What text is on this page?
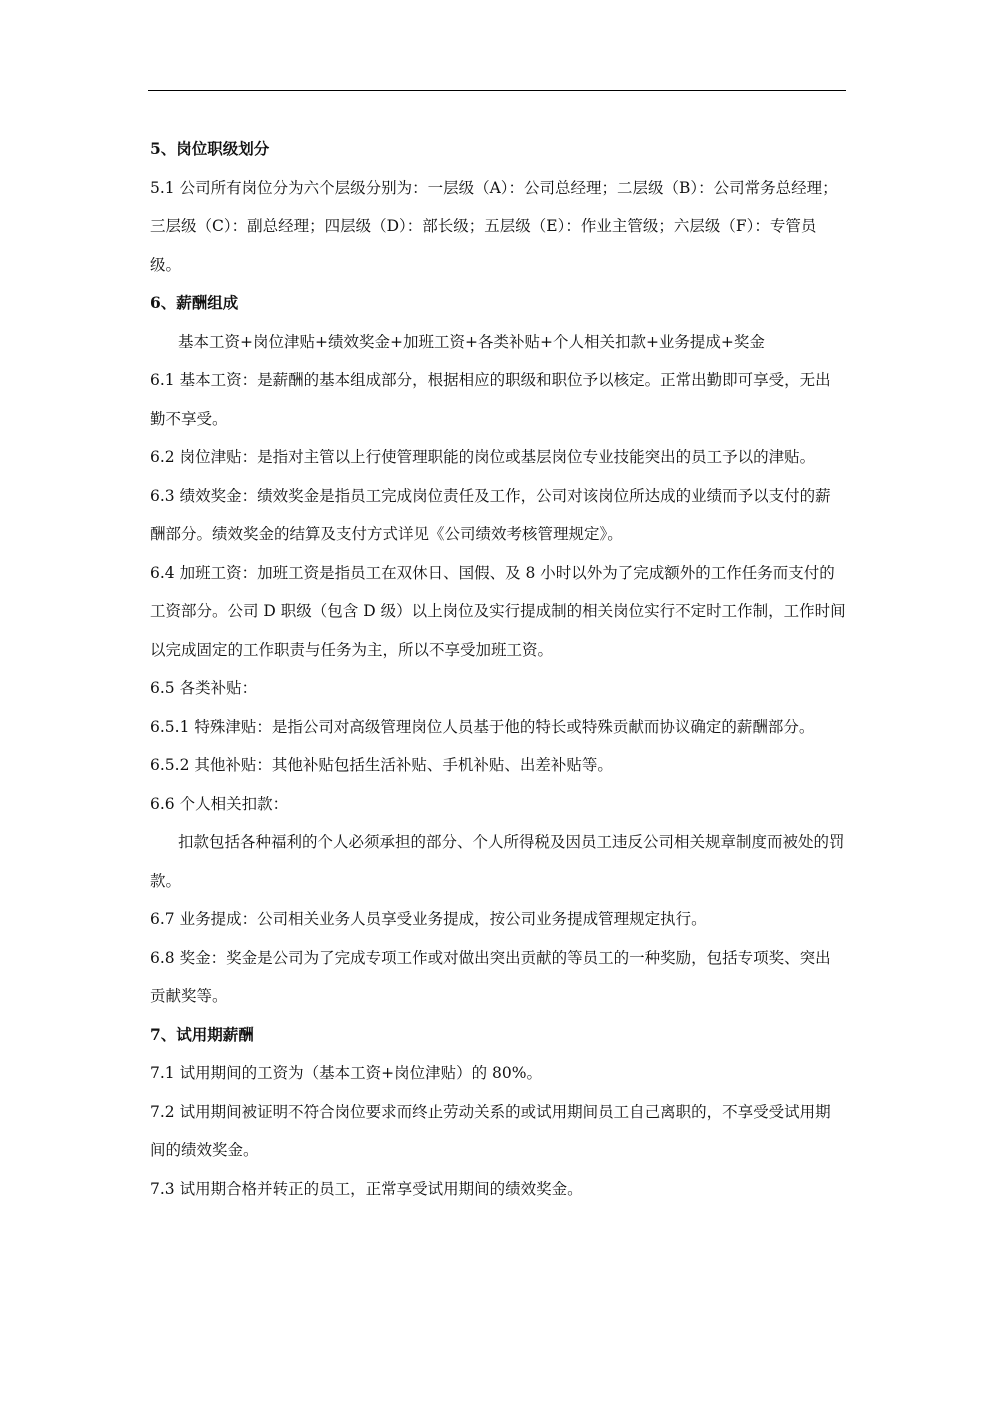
5、岗位职级划分

5.1 公司所有岗位分为六个层级分别为：一层级（A）：公司总经理；二层级（B）：公司常务总经理；三层级（C）：副总经理；四层级（D）：部长级；五层级（E）：作业主管级；六层级（F）：专管员级。

6、薪酬组成

基本工资+岗位津贴+绩效奖金+加班工资+各类补贴+个人相关扣款+业务提成+奖金

6.1 基本工资：是薪酬的基本组成部分，根据相应的职级和职位予以核定。正常出勤即可享受，无出勤不享受。

6.2 岗位津贴：是指对主管以上行使管理职能的岗位或基层岗位专业技能突出的员工予以的津贴。

6.3 绩效奖金：绩效奖金是指员工完成岗位责任及工作，公司对该岗位所达成的业绩而予以支付的薪酬部分。绩效奖金的结算及支付方式详见《公司绩效考核管理规定》。

6.4 加班工资：加班工资是指员工在双休日、国假、及 8 小时以外为了完成额外的工作任务而支付的工资部分。公司 D 职级（包含 D 级）以上岗位及实行提成制的相关岗位实行不定时工作制，工作时间以完成固定的工作职责与任务为主，所以不享受加班工资。

6.5 各类补贴：

6.5.1 特殊津贴：是指公司对高级管理岗位人员基于他的特长或特殊贡献而协议确定的薪酬部分。

6.5.2 其他补贴：其他补贴包括生活补贴、手机补贴、出差补贴等。

6.6 个人相关扣款：

扣款包括各种福利的个人必须承担的部分、个人所得税及因员工违反公司相关规章制度而被处的罚款。

6.7 业务提成：公司相关业务人员享受业务提成，按公司业务提成管理规定执行。

6.8 奖金：奖金是公司为了完成专项工作或对做出突出贡献的等员工的一种奖励，包括专项奖、突出贡献奖等。

7、试用期薪酬

7.1 试用期间的工资为（基本工资+岗位津贴）的 80%。

7.2 试用期间被证明不符合岗位要求而终止劳动关系的或试用期间员工自己离职的，不享受受试用期间的绩效奖金。

7.3 试用期合格并转正的员工，正常享受试用期间的绩效奖金。
